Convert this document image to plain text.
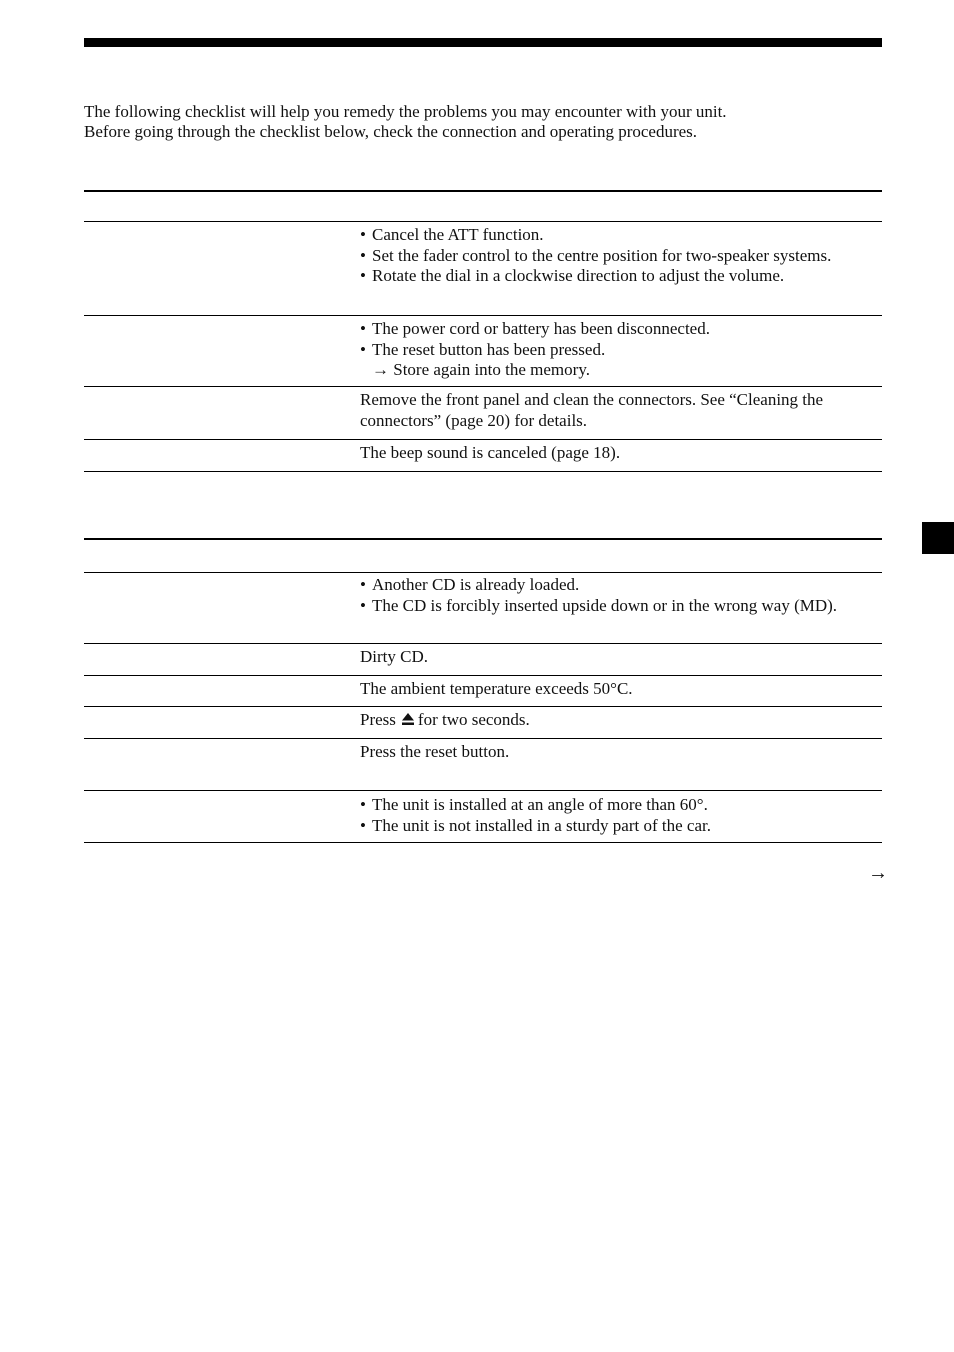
The following checklist will help you remedy the problems you may encounter with your unit.
Before going through the checklist below, check the connection and operating procedures.
• Cancel the ATT function.
• Set the fader control to the centre position for two-speaker systems.
• Rotate the dial in a clockwise direction to adjust the volume.
• The power cord or battery has been disconnected.
• The reset button has been pressed.
→ Store again into the memory.
Remove the front panel and clean the connectors. See “Cleaning the connectors” (page 20) for details.
The beep sound is canceled (page 18).
• Another CD is already loaded.
• The CD is forcibly inserted upside down or in the wrong way (MD).
Dirty CD.
The ambient temperature exceeds 50°C.
Press for two seconds.
Press the reset button.
• The unit is installed at an angle of more than 60°.
• The unit is not installed in a sturdy part of the car.
→
